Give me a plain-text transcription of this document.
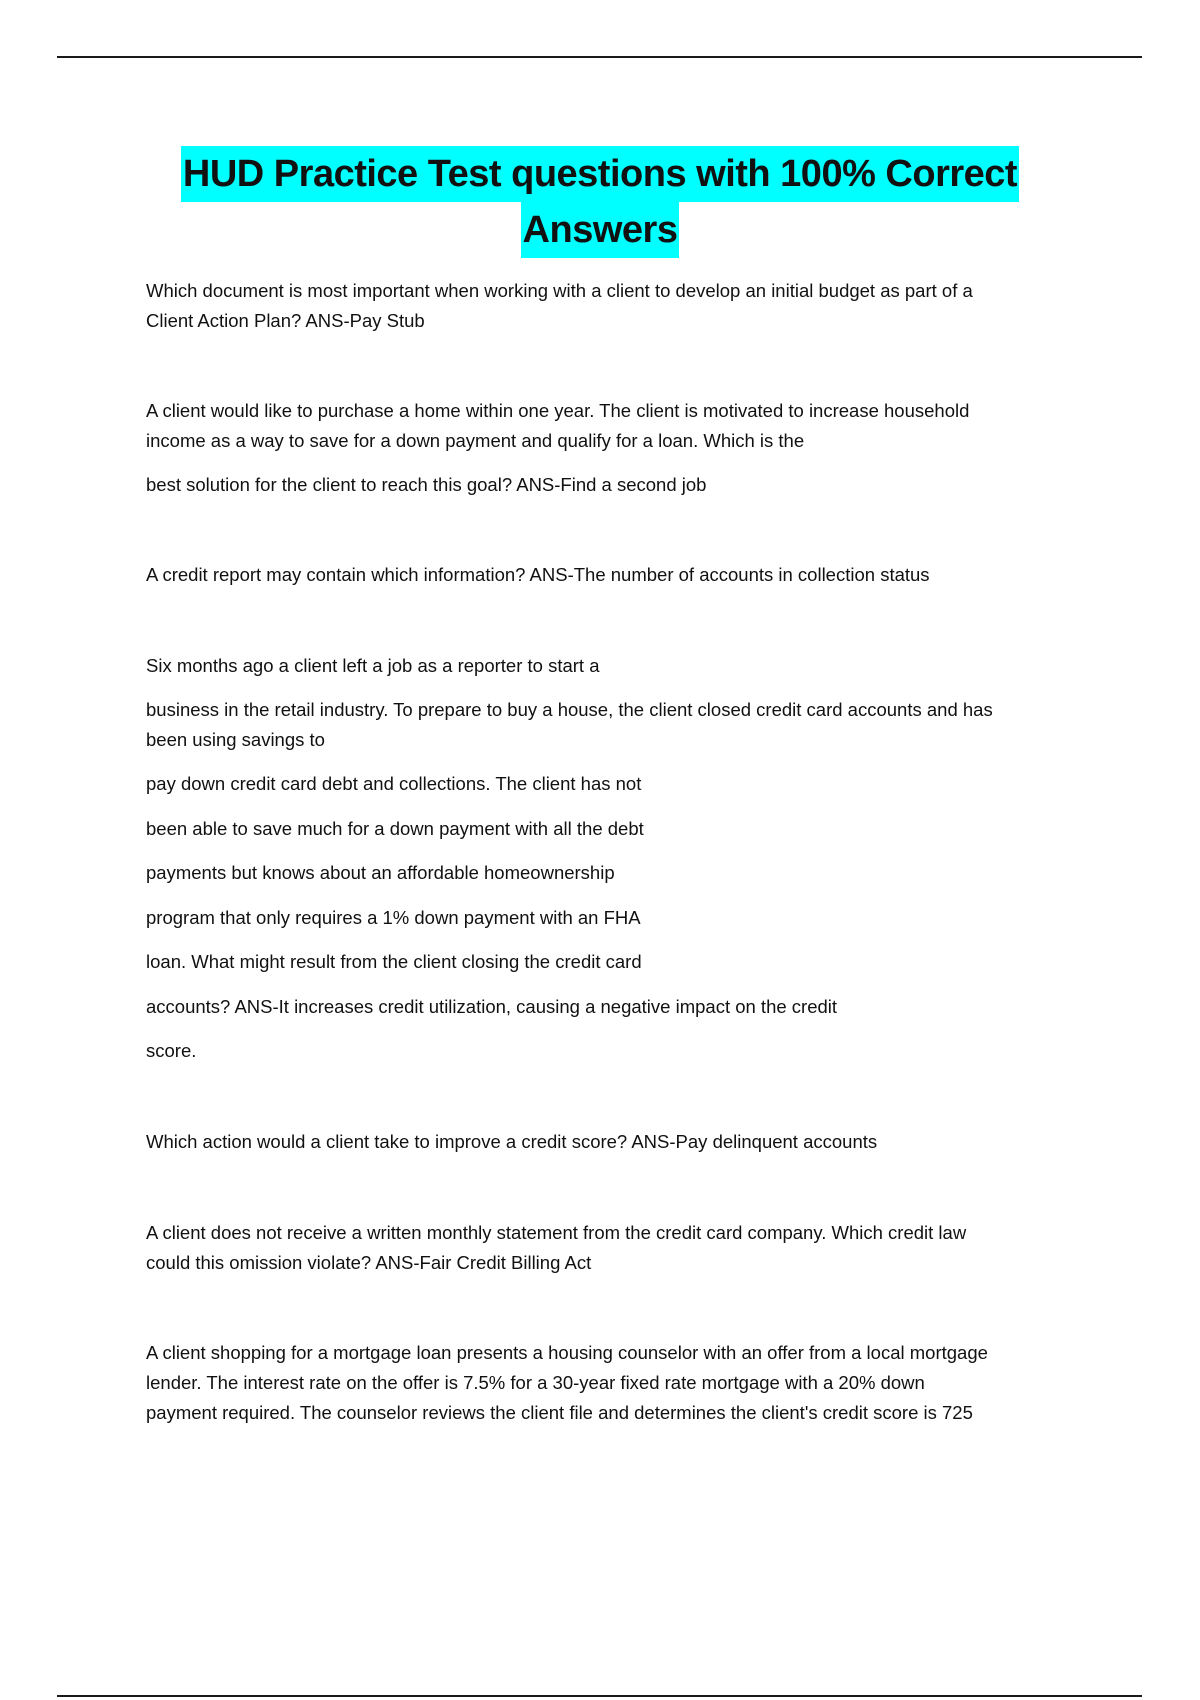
HUD Practice Test questions with 100% Correct
Answers

Which document is most important when working with a client to develop an initial budget as part of a
Client Action Plan? ANS-Pay Stub

A client would like to purchase a home within one year. The client is motivated to increase household
income as a way to save for a down payment and qualify for a loan. Which is the

best solution for the client to reach this goal? ANS-Find a second job

A credit report may contain which information? ANS-The number of accounts in collection status

Six months ago a client left a job as a reporter to start a

business in the retail industry. To prepare to buy a house, the client closed credit card accounts and has
been using savings to

pay down credit card debt and collections. The client has not

been able to save much for a down payment with all the debt

payments but knows about an affordable homeownership

program that only requires a 1% down payment with an FHA

loan. What might result from the client closing the credit card

accounts? ANS-It increases credit utilization, causing a negative impact on the credit

score.

Which action would a client take to improve a credit score? ANS-Pay delinquent accounts

A client does not receive a written monthly statement from the credit card company. Which credit law
could this omission violate? ANS-Fair Credit Billing Act

A client shopping for a mortgage loan presents a housing counselor with an offer from a local mortgage
lender. The interest rate on the offer is 7.5% for a 30-year fixed rate mortgage with a 20% down
payment required. The counselor reviews the client file and determines the client's credit score is 725
